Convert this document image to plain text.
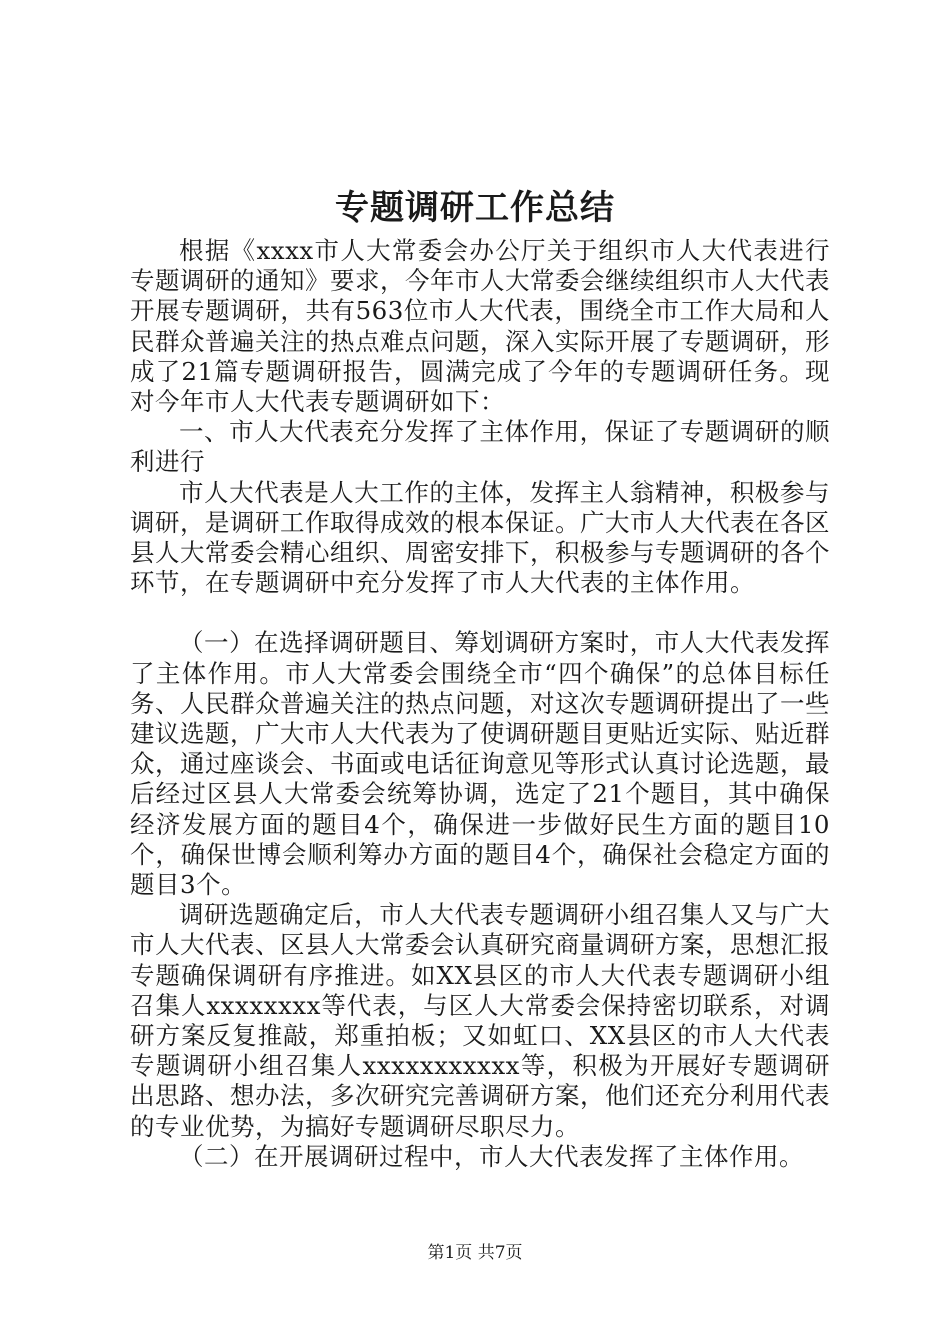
专题调研工作总结

根据《xxxx市人大常委会办公厅关于组织市人大代表进行专题调研的通知》要求，今年市人大常委会继续组织市人大代表开展专题调研，共有563位市人大代表，围绕全市工作大局和人民群众普遍关注的热点难点问题，深入实际开展了专题调研，形成了21篇专题调研报告，圆满完成了今年的专题调研任务。现对今年市人大代表专题调研如下：

一、市人大代表充分发挥了主体作用，保证了专题调研的顺利进行

市人大代表是人大工作的主体，发挥主人翁精神，积极参与调研，是调研工作取得成效的根本保证。广大市人大代表在各区县人大常委会精心组织、周密安排下，积极参与专题调研的各个环节，在专题调研中充分发挥了市人大代表的主体作用。

（一）在选择调研题目、筹划调研方案时，市人大代表发挥了主体作用。市人大常委会围绕全市“四个确保”的总体目标任务、人民群众普遍关注的热点问题，对这次专题调研提出了一些建议选题，广大市人大代表为了使调研题目更贴近实际、贴近群众，通过座谈会、书面或电话征询意见等形式认真讨论选题，最后经过区县人大常委会统筹协调，选定了21个题目，其中确保经济发展方面的题目4个，确保进一步做好民生方面的题目10个，确保世博会顺利筹办方面的题目4个，确保社会稳定方面的题目3个。

调研选题确定后，市人大代表专题调研小组召集人又与广大市人大代表、区县人大常委会认真研究商量调研方案，思想汇报专题确保调研有序推进。如XX县区的市人大代表专题调研小组召集人xxxxxxxx等代表，与区人大常委会保持密切联系，对调研方案反复推敲，郑重拍板；又如虹口、XX县区的市人大代表专题调研小组召集人xxxxxxxxxxx等，积极为开展好专题调研出思路、想办法，多次研究完善调研方案，他们还充分利用代表的专业优势，为搞好专题调研尽职尽力。

（二）在开展调研过程中，市人大代表发挥了主体作用。

第1页 共7页
